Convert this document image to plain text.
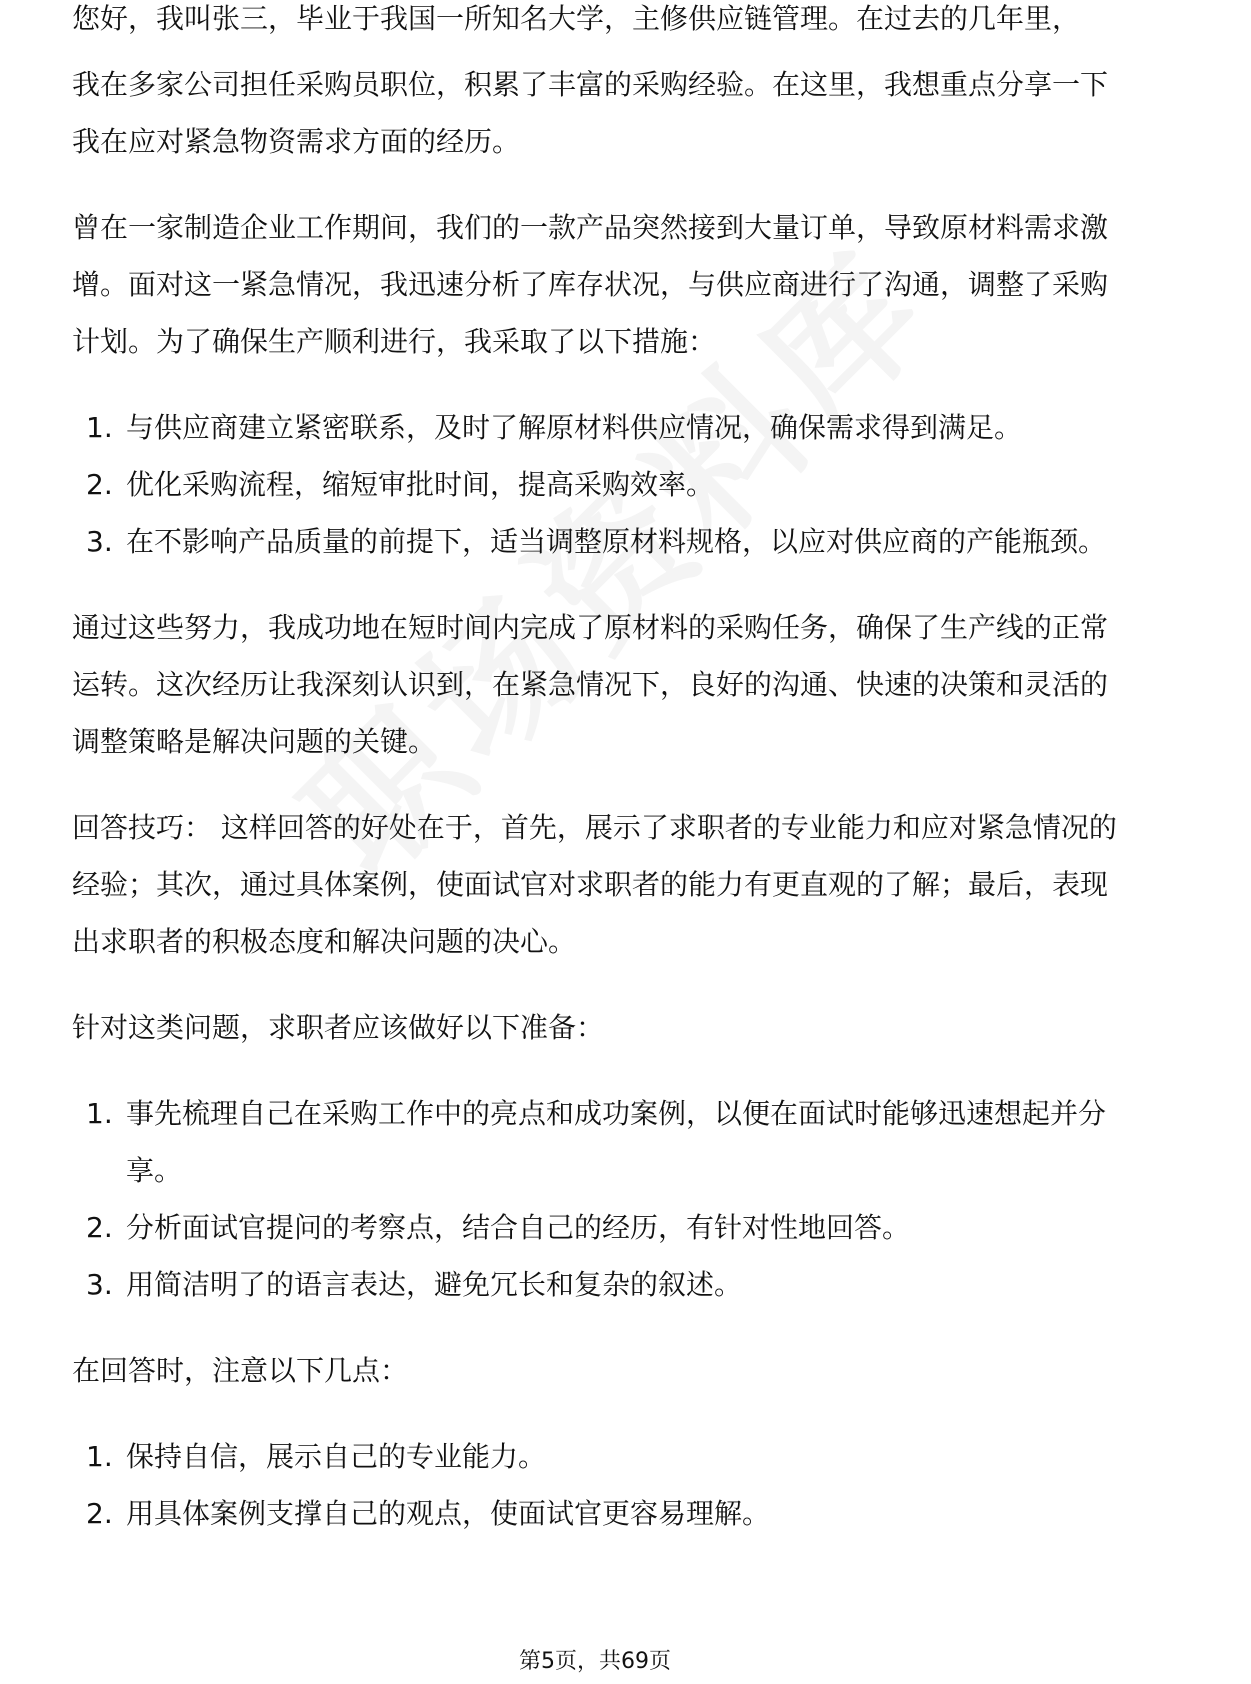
您好，我叫张三，毕业于我国一所知名大学，主修供应链管理。在过去的几年里，

我在多家公司担任采购员职位，积累了丰富的采购经验。在这里，我想重点分享一下我在应对紧急物资需求方面的经历。

曾在一家制造企业工作期间，我们的一款产品突然接到大量订单，导致原材料需求激增。面对这一紧急情况，我迅速分析了库存状况，与供应商进行了沟通，调整了采购计划。为了确保生产顺利进行，我采取了以下措施：

1. 与供应商建立紧密联系，及时了解原材料供应情况，确保需求得到满足。
2. 优化采购流程，缩短审批时间，提高采购效率。
3. 在不影响产品质量的前提下，适当调整原材料规格，以应对供应商的产能瓶颈。

通过这些努力，我成功地在短时间内完成了原材料的采购任务，确保了生产线的正常运转。这次经历让我深刻认识到，在紧急情况下，良好的沟通、快速的决策和灵活的调整策略是解决问题的关键。

回答技巧： 这样回答的好处在于，首先，展示了求职者的专业能力和应对紧急情况的经验；其次，通过具体案例，使面试官对求职者的能力有更直观的了解；最后，表现出求职者的积极态度和解决问题的决心。

针对这类问题，求职者应该做好以下准备：

1. 事先梳理自己在采购工作中的亮点和成功案例，以便在面试时能够迅速想起并分享。
2. 分析面试官提问的考察点，结合自己的经历，有针对性地回答。
3. 用简洁明了的语言表达，避免冗长和复杂的叙述。

在回答时，注意以下几点：

1. 保持自信，展示自己的专业能力。
2. 用具体案例支撑自己的观点，使面试官更容易理解。
第5页，共69页
